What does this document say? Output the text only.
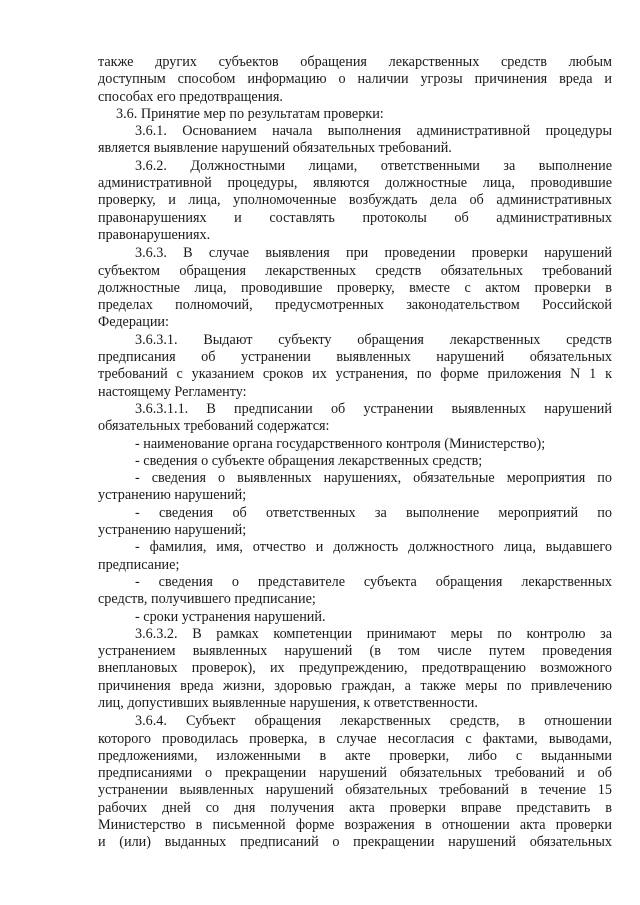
также других субъектов обращения лекарственных средств любым
доступным способом информацию о наличии угрозы причинения вреда и
способах его предотвращения.
3.6. Принятие мер по результатам проверки:
3.6.1. Основанием начала выполнения административной процедуры
является выявление нарушений обязательных требований.
3.6.2. Должностными лицами, ответственными за выполнение
административной процедуры, являются должностные лица, проводившие
проверку, и лица, уполномоченные возбуждать дела об административных
правонарушениях и составлять протоколы об административных
правонарушениях.
3.6.3. В случае выявления при проведении проверки нарушений
субъектом обращения лекарственных средств обязательных требований
должностные лица, проводившие проверку, вместе с актом проверки в
пределах полномочий, предусмотренных законодательством Российской
Федерации:
3.6.3.1. Выдают субъекту обращения лекарственных средств
предписания об устранении выявленных нарушений обязательных
требований с указанием сроков их устранения, по форме приложения N 1 к
настоящему Регламенту:
3.6.3.1.1. В предписании об устранении выявленных нарушений
обязательных требований содержатся:
- наименование органа государственного контроля (Министерство);
- сведения о субъекте обращения лекарственных средств;
- сведения о выявленных нарушениях, обязательные мероприятия по
устранению нарушений;
- сведения об ответственных за выполнение мероприятий по
устранению нарушений;
- фамилия, имя, отчество и должность должностного лица, выдавшего
предписание;
- сведения о представителе субъекта обращения лекарственных
средств, получившего предписание;
- сроки устранения нарушений.
3.6.3.2. В рамках компетенции принимают меры по контролю за
устранением выявленных нарушений (в том числе путем проведения
внеплановых проверок), их предупреждению, предотвращению возможного
причинения вреда жизни, здоровью граждан, а также меры по привлечению
лиц, допустивших выявленные нарушения, к ответственности.
3.6.4. Субъект обращения лекарственных средств, в отношении
которого проводилась проверка, в случае несогласия с фактами, выводами,
предложениями, изложенными в акте проверки, либо с выданными
предписаниями о прекращении нарушений обязательных требований и об
устранении выявленных нарушений обязательных требований в течение 15
рабочих дней со дня получения акта проверки вправе представить в
Министерство в письменной форме возражения в отношении акта проверки
и (или) выданных предписаний о прекращении нарушений обязательных
